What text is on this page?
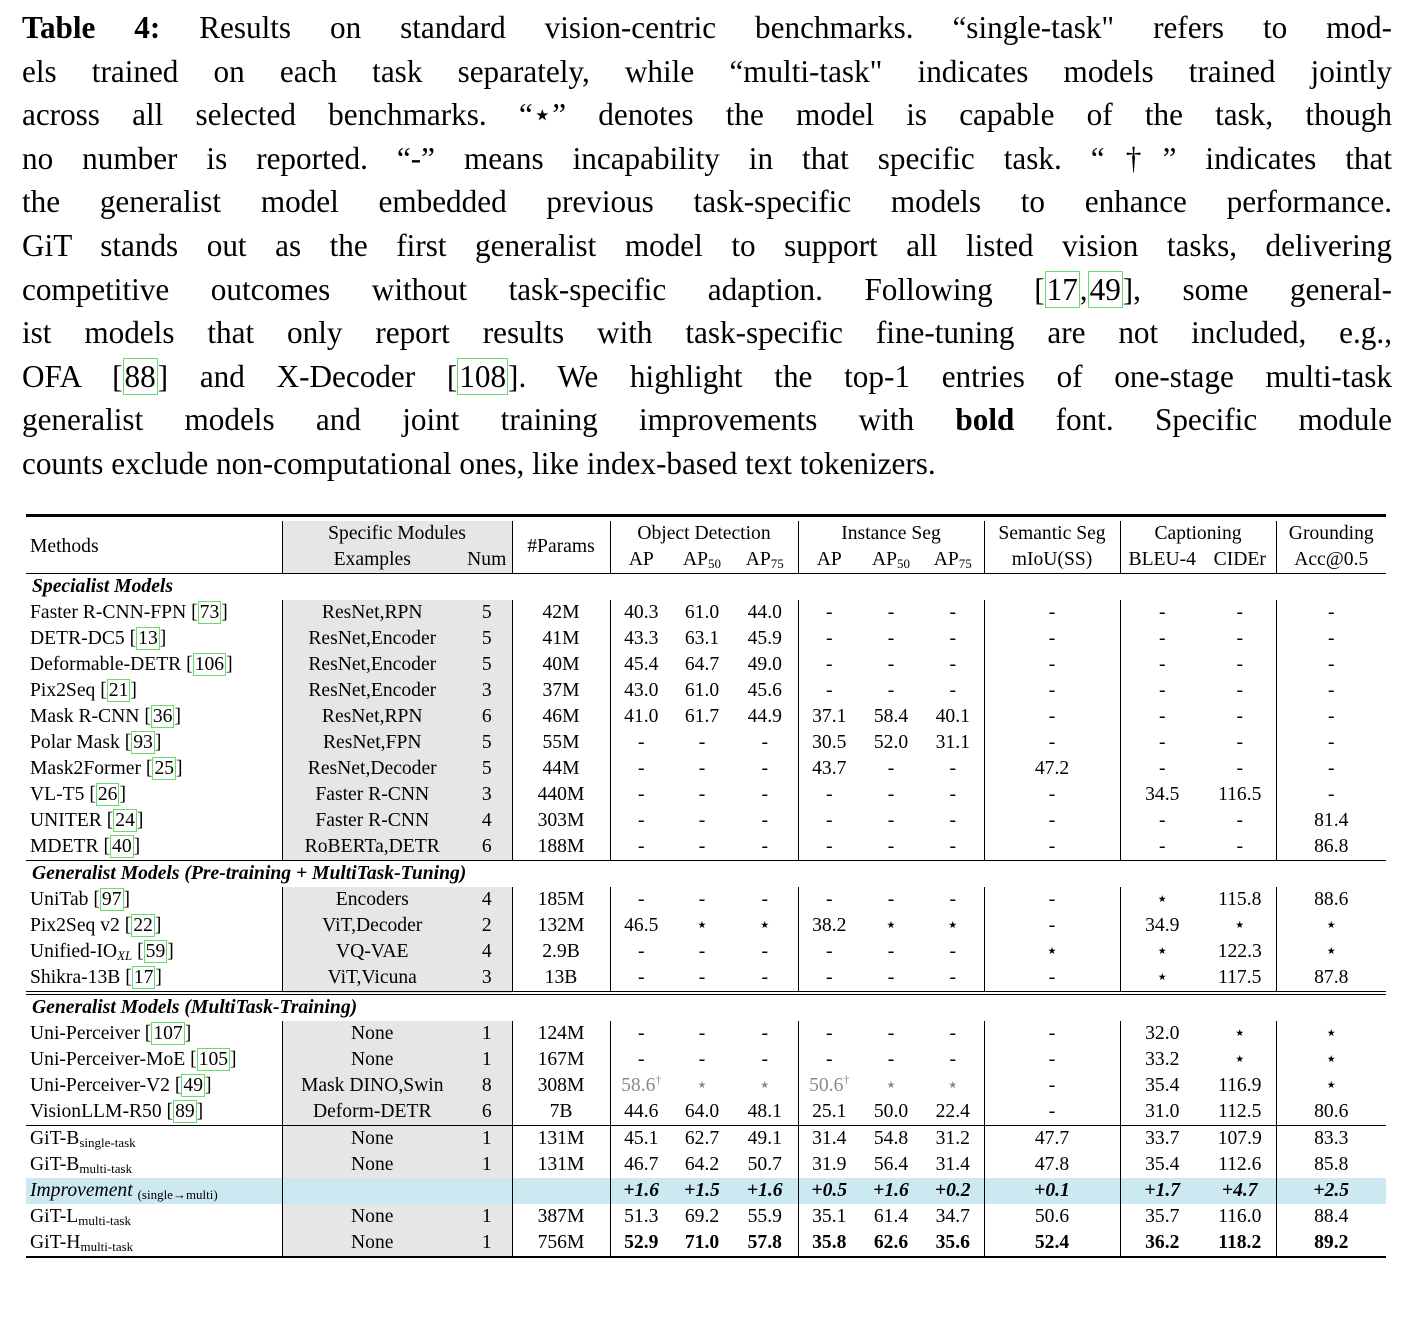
Table 4: Results on standard vision-centric benchmarks. “single-task" refers to mod-
els trained on each task separately, while “multi-task" indicates models trained jointly
across all selected benchmarks. “⋆” denotes the model is capable of the task, though
no number is reported. “-” means incapability in that specific task. “†” indicates that
the generalist model embedded previous task-specific models to enhance performance.
GiT stands out as the first generalist model to support all listed vision tasks, delivering
competitive outcomes without task-specific adaption. Following [17,49], some general-
ist models that only report results with task-specific fine-tuning are not included, e.g.,
OFA [88] and X-Decoder [108]. We highlight the top-1 entries of one-stage multi-task
generalist models and joint training improvements with bold font. Specific module
counts exclude non-computational ones, like index-based text tokenizers.

Methods	Specific Modules		#Params	Object Detection			Instance Seg			Semantic Seg	Captioning		Grounding
	Examples	Num		AP	$AP_{50}$	$AP_{75}$	AP	$AP_{50}$	$AP_{75}$	mIoU(SS)	BLEU-4	CIDEr	Acc@0.5
Specialist Models													
Faster R-CNN-FPN [ 73 ]	ResNet,RPN	5	42M	40.3	61.0	44.0	-	-	-	-	-	-	-
DETR-DC5 [ 13 ]	ResNet,Encoder	5	41M	43.3	63.1	45.9	-	-	-	-	-	-	-
Deformable-DETR [ 106 ]	ResNet,Encoder	5	40M	45.4	64.7	49.0	-	-	-	-	-	-	-
Pix2Seq [ 21 ]	ResNet,Encoder	3	37M	43.0	61.0	45.6	-	-	-	-	-	-	-
Mask R-CNN [ 36 ]	ResNet,RPN	6	46M	41.0	61.7	44.9	37.1	58.4	40.1	-	-	-	-
Polar Mask [ 93 ]	ResNet,FPN	5	55M	-	-	-	30.5	52.0	31.1	-	-	-	-
Mask2Former [ 25 ]	ResNet,Decoder	5	44M	-	-	-	43.7	-	-	47.2	-	-	-
VL-T5 [ 26 ]	Faster R-CNN	3	440M	-	-	-	-	-	-	-	34.5	116.5	-
UNITER [ 24 ]	Faster R-CNN	4	303M	-	-	-	-	-	-	-	-	-	81.4
MDETR [ 40 ]	RoBERTa,DETR	6	188M	-	-	-	-	-	-	-	-	-	86.8
Generalist Models (Pre-training + MultiTask-Tuning)													
UniTab [ 97 ]	Encoders	4	185M	-	-	-	-	-	-	-	⋆	115.8	88.6
Pix2Seq v2 [ 22 ]	ViT,Decoder	2	132M	46.5	⋆	⋆	38.2	⋆	⋆	-	34.9	⋆	⋆
Unified-$IO_{XL}$ [ 59 ]	VQ-VAE	4	2.9B	-	-	-	-	-	-	⋆	⋆	122.3	⋆
Shikra-13B [ 17 ]	ViT,Vicuna	3	13B	-	-	-	-	-	-	-	⋆	117.5	87.8
Generalist Models (MultiTask-Training)													
Uni-Perceiver [ 107 ]	None	1	124M	-	-	-	-	-	-	-	32.0	⋆	⋆
Uni-Perceiver-MoE [ 105 ]	None	1	167M	-	-	-	-	-	-	-	33.2	⋆	⋆
Uni-Perceiver-V2 [ 49 ]	Mask DINO,Swin	8	308M	58.6†	⋆	⋆	50.6†	⋆	⋆	-	35.4	116.9	⋆
VisionLLM-R50 [ 89 ]	Deform-DETR	6	7B	44.6	64.0	48.1	25.1	50.0	22.4	-	31.0	112.5	80.6
GiT-$B_{single-task}$	None	1	131M	45.1	62.7	49.1	31.4	54.8	31.2	47.7	33.7	107.9	83.3
GiT-$B_{multi-task}$	None	1	131M	46.7	64.2	50.7	31.9	56.4	31.4	47.8	35.4	112.6	85.8
Improvement $_{(single\to multi)}$				+1.6	+1.5	+1.6	+0.5	+1.6	+0.2	+0.1	+1.7	+4.7	+2.5
GiT-$L_{multi-task}$	None	1	387M	51.3	69.2	55.9	35.1	61.4	34.7	50.6	35.7	116.0	88.4
GiT-$H_{multi-task}$	None	1	756M	52.9	71.0	57.8	35.8	62.6	35.6	52.4	36.2	118.2	89.2
